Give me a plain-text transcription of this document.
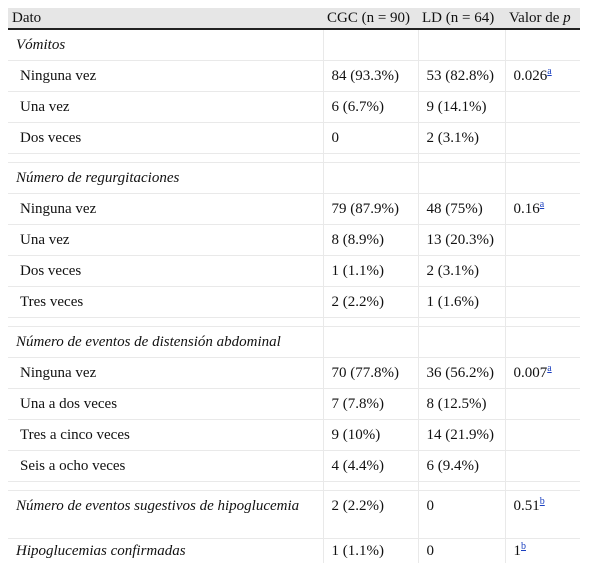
Dato	CGC (n = 90)	LD (n = 64)	Valor de p
Vómitos			
Ninguna vez	84 (93.3%)	53 (82.8%)	0.026$^a$
Una vez	6 (6.7%)	9 (14.1%)	
Dos veces	0	2 (3.1%)	

Número de regurgitaciones			
Ninguna vez	79 (87.9%)	48 (75%)	0.16$^a$
Una vez	8 (8.9%)	13 (20.3%)	
Dos veces	1 (1.1%)	2 (3.1%)	
Tres veces	2 (2.2%)	1 (1.6%)	

Número de eventos de distensión abdominal			
Ninguna vez	70 (77.8%)	36 (56.2%)	0.007$^a$
Una a dos veces	7 (7.8%)	8 (12.5%)	
Tres a cinco veces	9 (10%)	14 (21.9%)	
Seis a ocho veces	4 (4.4%)	6 (9.4%)	

Número de eventos sugestivos de hipoglucemia	2 (2.2%)	0	0.51$^b$
Hipoglucemias confirmadas	1 (1.1%)	0	1$^b$
